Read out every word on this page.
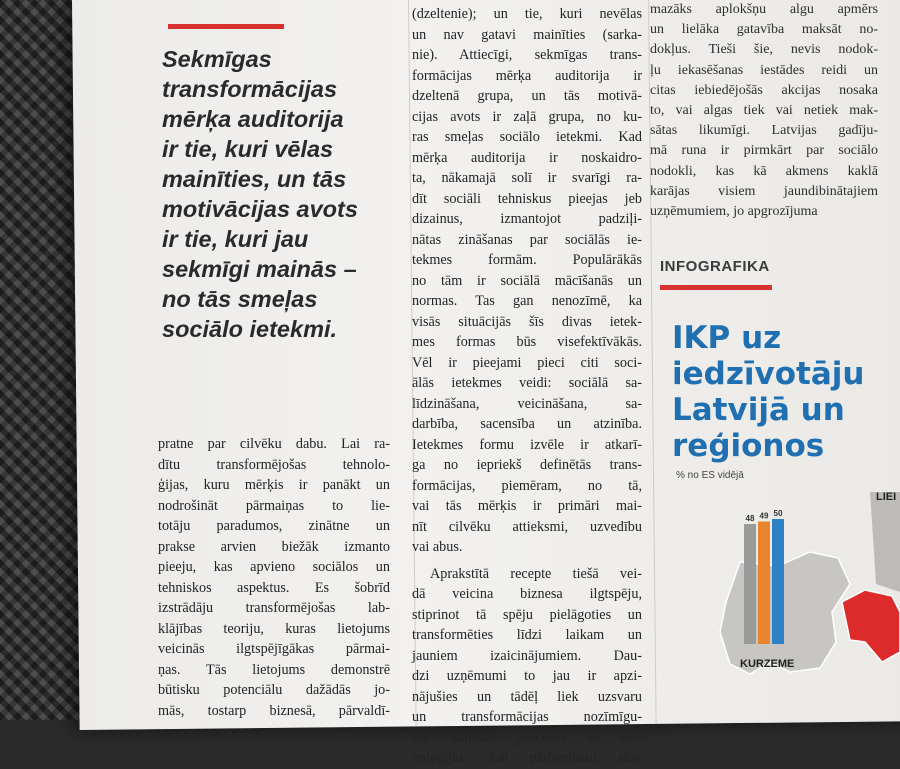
Sekmīgas
transformācijas
mērķa auditorija
ir tie, kuri vēlas
mainīties, un tās
motivācijas avots
ir tie, kuri jau
sekmīgi mainās –
no tās smeļas
sociālo ietekmi.
pratne par cilvēku dabu. Lai ra-
dītu transformējošas tehnolo-
ģijas, kuru mērķis ir panākt un
nodrošināt pārmaiņas to lie-
totāju paradumos, zinātne un
prakse arvien biežāk izmanto
pieeju, kas apvieno sociālos un
tehniskos aspektus. Es šobrīd
izstrādāju transformējošas lab-
klājības teoriju, kuras lietojums
veicinās ilgtspējīgākas pārmai-
ņas. Tās lietojums demonstrē
būtisku potenciālu dažādās jo-
mās, tostarp biznesā, pārvaldī-
(dzeltenie); un tie, kuri nevēlas
un nav gatavi mainīties (sarka-
nie). Attiecīgi, sekmīgas trans-
formācijas mērķa auditorija ir
dzeltenā grupa, un tās motivā-
cijas avots ir zaļā grupa, no ku-
ras smeļas sociālo ietekmi. Kad
mērķa auditorija ir noskaidro-
ta, nākamajā solī ir svarīgi ra-
dīt sociāli tehniskus pieejas jeb
dizainus, izmantojot padziļi-
nātas zināšanas par sociālās ie-
tekmes formām. Populārākās
no tām ir sociālā mācīšanās un
normas. Tas gan nenozīmē, ka
visās situācijās šīs divas ietek-
mes formas būs visefektīvākās.
Vēl ir pieejami pieci citi soci-
ālās ietekmes veidi: sociālā sa-
līdzināšana, veicināšana, sa-
darbība, sacensība un atzinība.
Ietekmes formu izvēle ir atkarī-
ga no iepriekš definētās trans-
formācijas, piemēram, no tā,
vai tās mērķis ir primāri mai-
nīt cilvēku attieksmi, uzvedību
vai abus.
Aprakstītā recepte tiešā vei-
dā veicina biznesa ilgtspēju,
stiprinot tā spēju pielāgoties un
transformēties līdzi laikam un
jauniem izaicinājumiem. Dau-
dzi uzņēmumi to jau ir apzi-
nājušies un tādēļ liek uzsvaru
un transformācijas nozīmīgu-
mu ikdienas procesos un teh-
noloģijās. Lai pārliecinātu ska-
mazāks aplokšņu algu apmērs
un lielāka gatavība maksāt no-
dokļus. Tieši šie, nevis nodok-
ļu iekasēšanas iestādes reidi un
citas iebiedējošās akcijas nosaka
to, vai algas tiek vai netiek mak-
sātas likumīgi. Latvijas gadīju-
mā runa ir pirmkārt par sociālo
nodokli, kas kā akmens kaklā
karājas visiem jaundibinātajiem
uzņēmumiem, jo apgrozījuma
INFOGRAFIKA
IKP uz
iedzīvotāju
Latvijā un
reģionos
% no ES vidējā
48 49 50
KURZEME
LIEI
